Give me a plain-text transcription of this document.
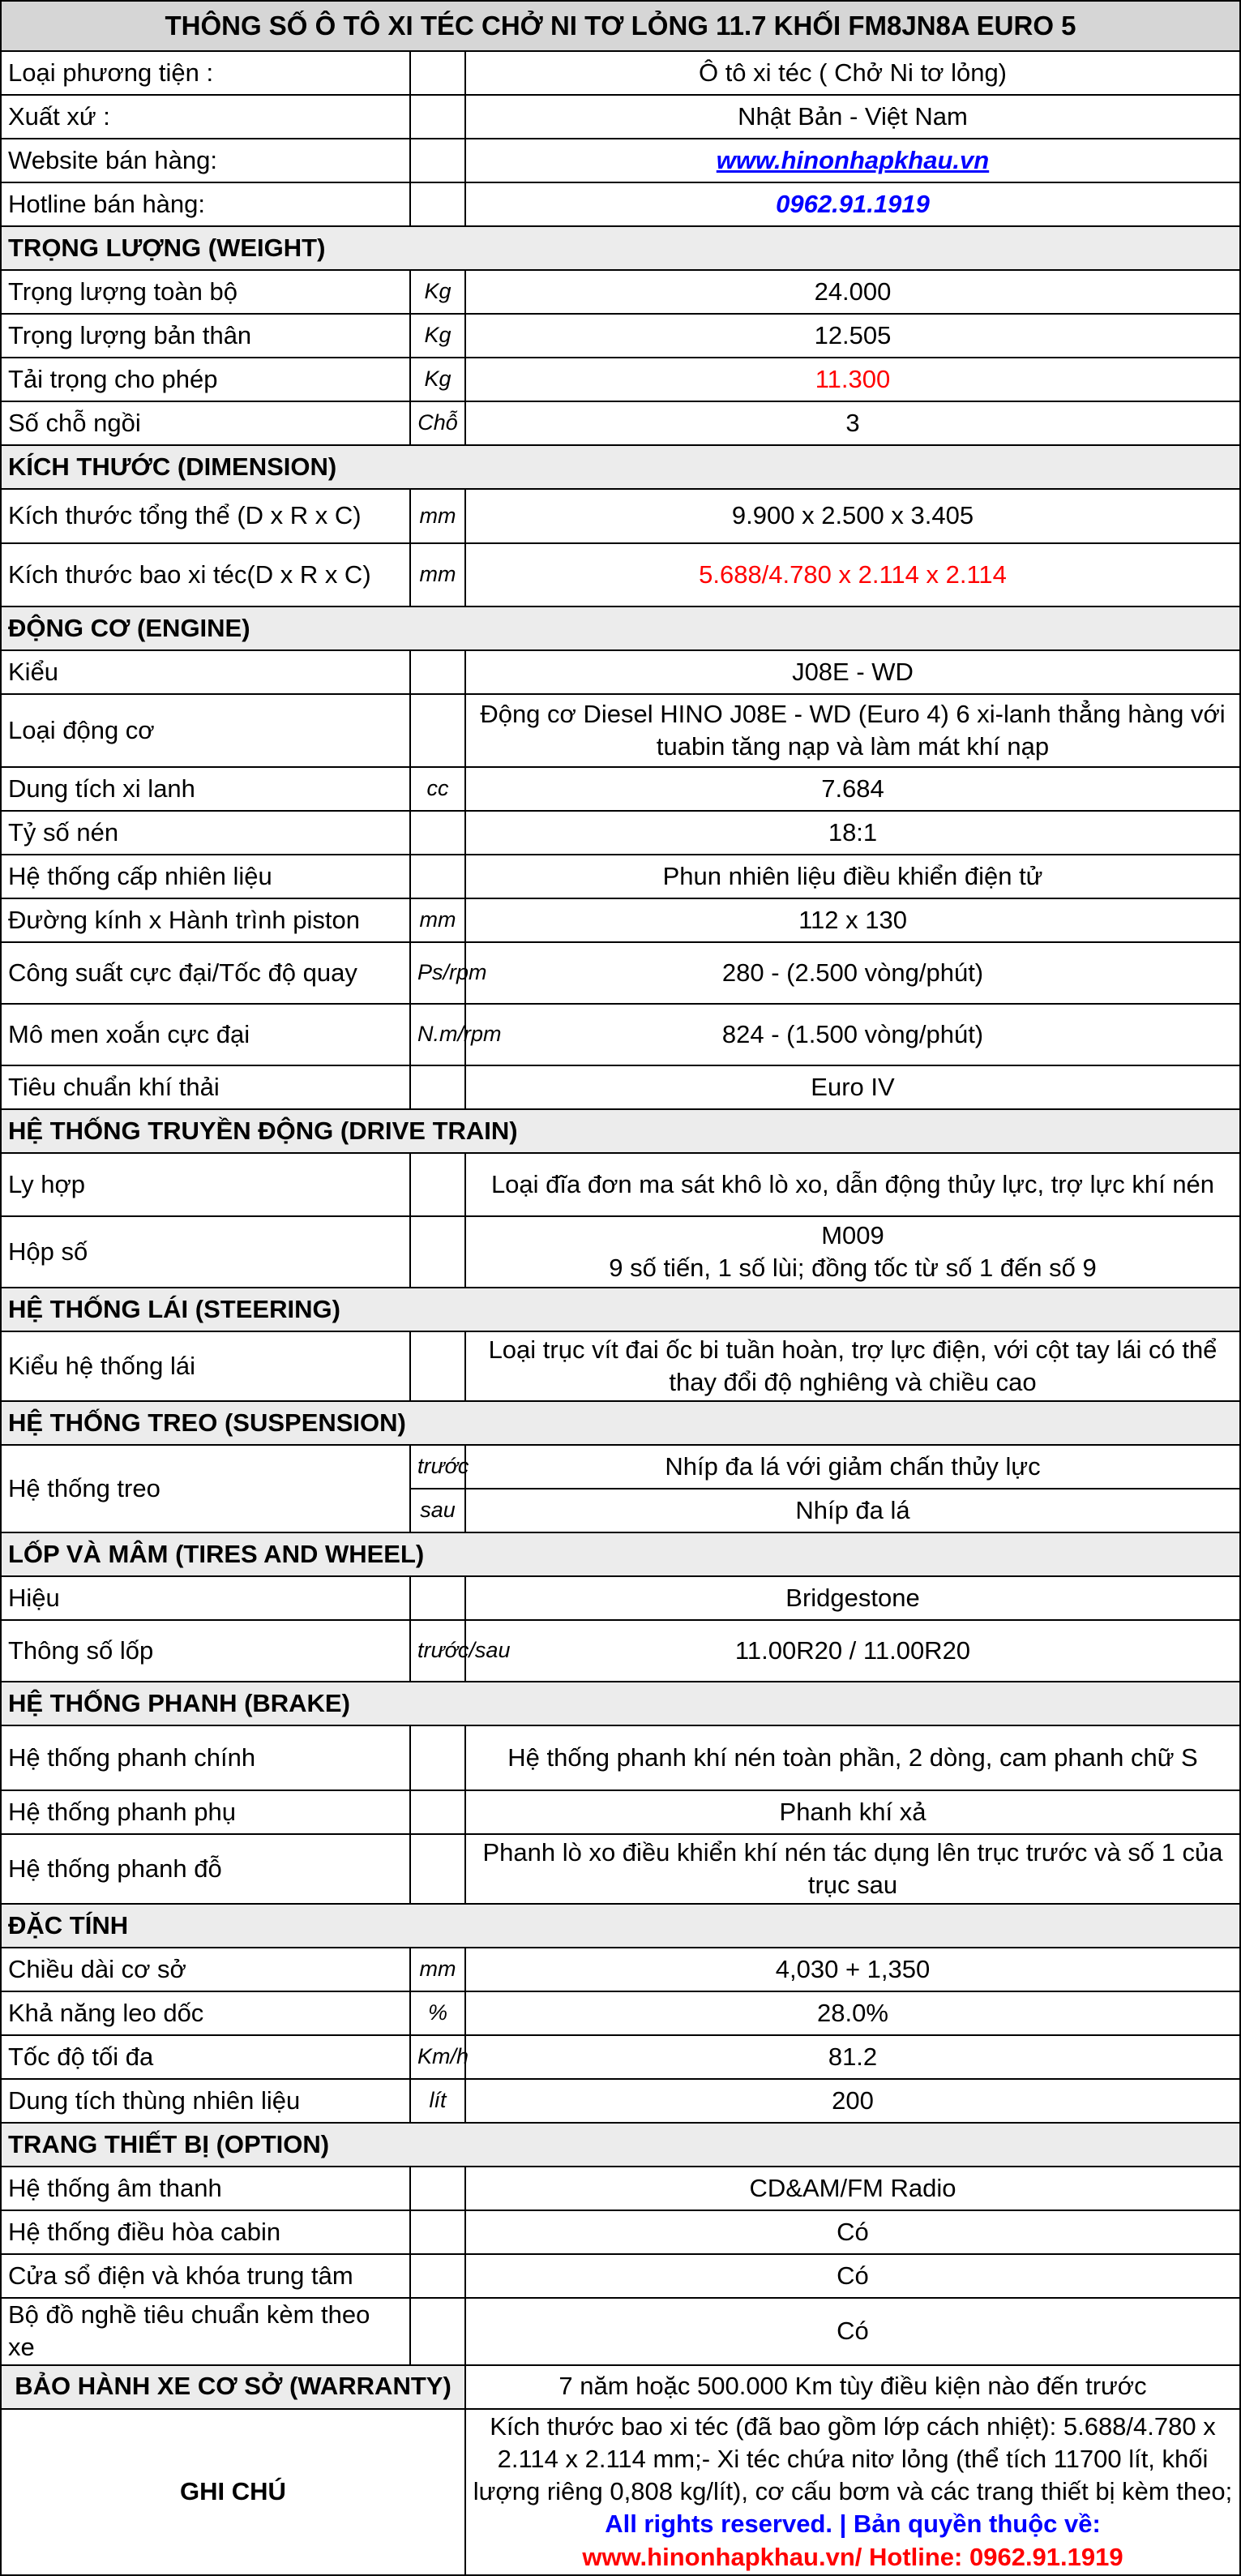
THÔNG SỐ Ô TÔ XI TÉC CHỞ NI TƠ LỎNG 11.7 KHỐI FM8JN8A EURO 5		
Loại phương tiện :		Ô tô xi téc ( Chở Ni tơ lỏng)
Xuất xứ :		Nhật Bản - Việt Nam
Website bán hàng:		www.hinonhapkhau.vn
Hotline bán hàng:		0962.91.1919
TRỌNG LƯỢNG (WEIGHT)		
Trọng lượng toàn bộ	Kg	24.000
Trọng lượng bản thân	Kg	12.505
Tải trọng cho phép	Kg	11.300
Số chỗ ngồi	Chỗ	3
KÍCH THƯỚC (DIMENSION)		
Kích thước tổng thể (D x R x C)	mm	9.900 x 2.500 x 3.405
Kích thước bao xi téc(D x R x C)	mm	5.688/4.780 x 2.114 x 2.114
ĐỘNG CƠ (ENGINE)		
Kiểu		J08E - WD
Loại động cơ		Động cơ Diesel HINO J08E - WD (Euro 4) 6 xi-lanh thẳng hàng với tuabin tăng nạp và làm mát khí nạp
Dung tích xi lanh	cc	7.684
Tỷ số nén		18:1
Hệ thống cấp nhiên liệu		Phun nhiên liệu điều khiển điện tử
Đường kính x Hành trình piston	mm	112 x 130
Công suất cực đại/Tốc độ quay	Ps/rpm	280 - (2.500 vòng/phút)
Mô men xoắn cực đại	N.m/rpm	824 - (1.500 vòng/phút)
Tiêu chuẩn khí thải		Euro IV
HỆ THỐNG TRUYỀN ĐỘNG (DRIVE TRAIN)		
Ly hợp		Loại đĩa đơn ma sát khô lò xo, dẫn động thủy lực, trợ lực khí nén
Hộp số		M009
9 số tiến, 1 số lùi; đồng tốc từ số 1 đến số 9

HỆ THỐNG LÁI (STEERING)		
Kiểu hệ thống lái		Loại trục vít đai ốc bi tuần hoàn, trợ lực điện, với cột tay lái có thể thay đổi độ nghiêng và chiều cao
HỆ THỐNG TREO (SUSPENSION)		
Hệ thống treo	trước	Nhíp đa lá với giảm chấn thủy lực
	sau	Nhíp đa lá
LỐP VÀ MÂM (TIRES AND WHEEL)		
Hiệu		Bridgestone
Thông số lốp	trước/sau	11.00R20 / 11.00R20
HỆ THỐNG PHANH (BRAKE)		
Hệ thống phanh chính		Hệ thống phanh khí nén toàn phần, 2 dòng, cam phanh chữ S
Hệ thống phanh phụ		Phanh khí xả
Hệ thống phanh đỗ		Phanh lò xo điều khiển khí nén tác dụng lên trục trước và số 1 của trục sau
ĐẶC TÍNH		
Chiều dài cơ sở	mm	4,030 + 1,350
Khả năng leo dốc	%	28.0%
Tốc độ tối đa	Km/h	81.2
Dung tích thùng nhiên liệu	lít	200
TRANG THIẾT BỊ (OPTION)		
Hệ thống âm thanh		CD&AM/FM Radio
Hệ thống điều hòa cabin		Có
Cửa sổ điện và khóa trung tâm		Có
Bộ đồ nghề tiêu chuẩn kèm theo xe		Có
BẢO HÀNH XE CƠ SỞ (WARRANTY)		7 năm hoặc 500.000 Km tùy điều kiện nào đến trước
GHI CHÚ		Kích thước bao xi téc (đã bao gồm lớp cách nhiệt): 5.688/4.780 x 2.114 x 2.114 mm;- Xi téc chứa nitơ lỏng (thể tích 11700 lít, khối lượng riêng 0,808 kg/lít), cơ cấu bơm và các trang thiết bị kèm theo;
All rights reserved. | Bản quyền thuộc về:
www.hinonhapkhau.vn/ Hotline: 0962.91.1919
